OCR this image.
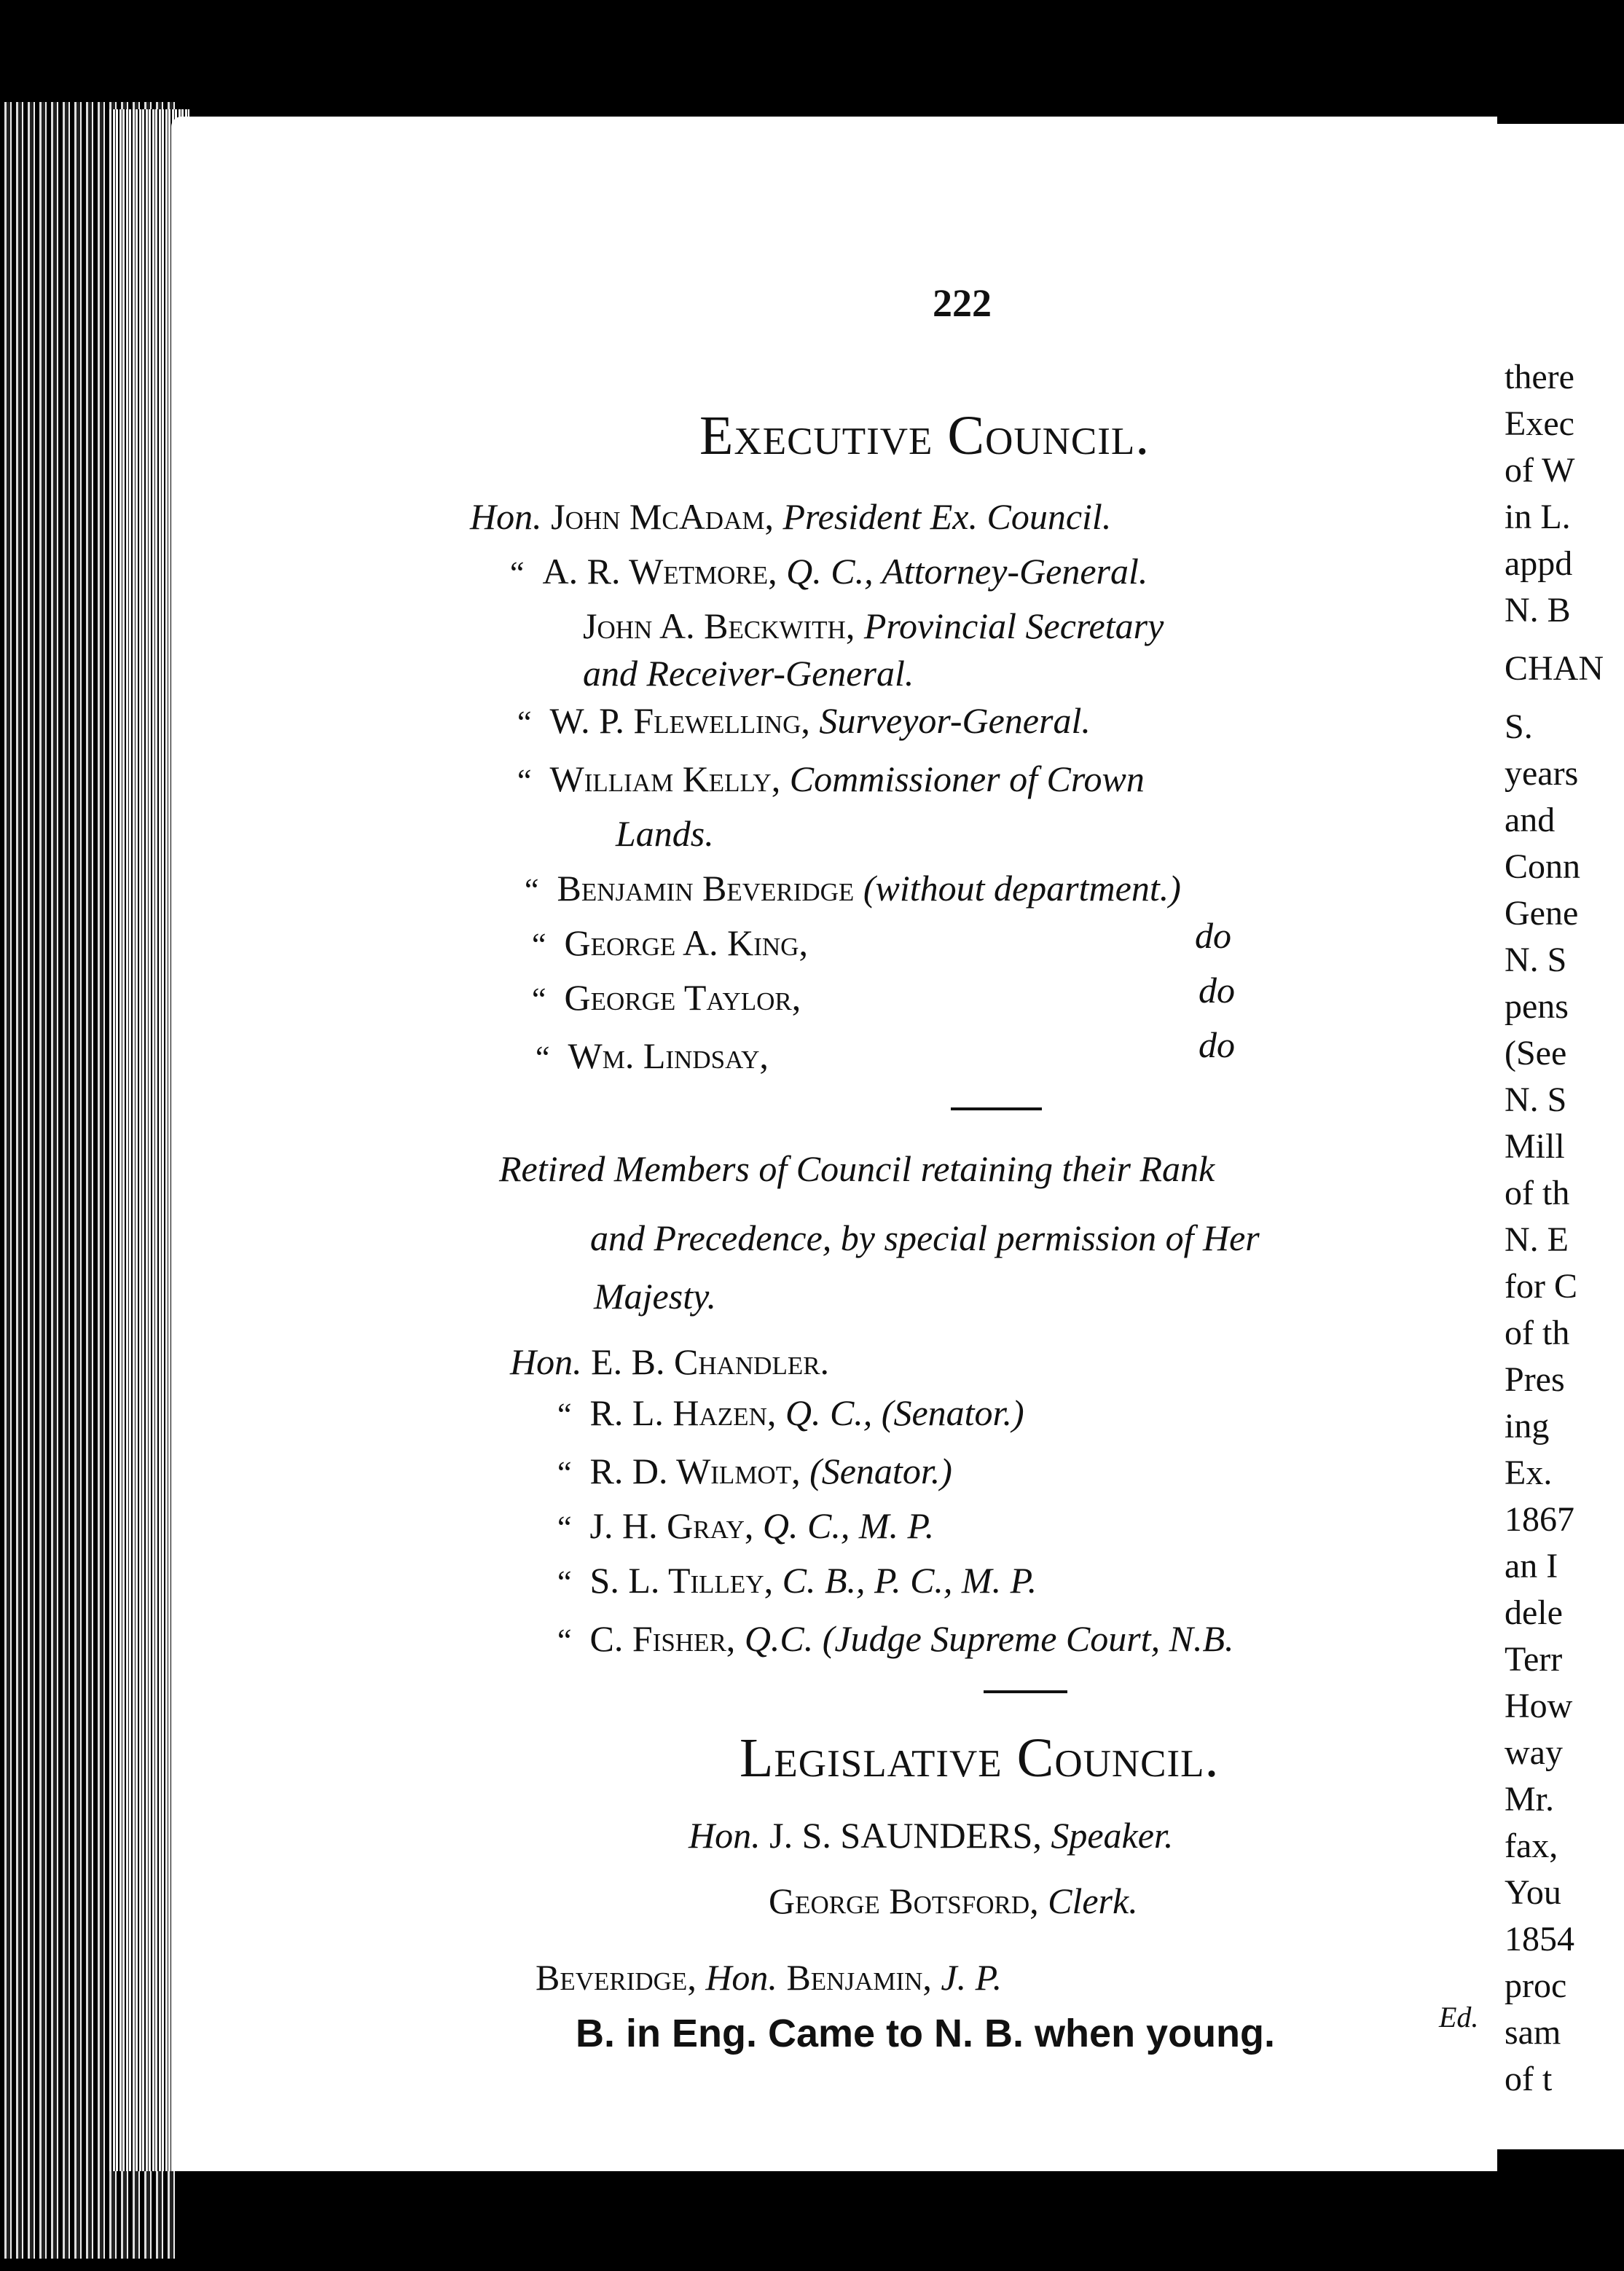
222
Executive Council.
Hon. John McAdam, President Ex. Council.
“ A. R. Wetmore, Q. C., Attorney-General.
John A. Beckwith, Provincial Secretary
and Receiver-General.
“ W. P. Flewelling, Surveyor-General.
“ William Kelly, Commissioner of Crown
Lands.
“ Benjamin Beveridge (without department.)
“ George A. King,	do
“ George Taylor,	do
“ Wm. Lindsay,	do
Retired Members of Council retaining their Rank
and Precedence, by special permission of Her
Majesty.
Hon. E. B. Chandler.
“ R. L. Hazen, Q. C., (Senator.)
“ R. D. Wilmot, (Senator.)
“ J. H. Gray, Q. C., M. P.
“ S. L. Tilley, C. B., P. C., M. P.
“ C. Fisher, Q.C. (Judge Supreme Court, N.B.
Legislative Council.
Hon. J. S. SAUNDERS, Speaker.
George Botsford, Clerk.
Beveridge, Hon. Benjamin, J. P.
B. in Eng. Came to N. B. when young.	Ed.
there
Exec
of W
in L.
appd
N. B
CHAN
S.
years
and
Conn
Gene
N. S
pens
(See
N. S
Mill
of th
N. E
for C
of th
Pres
ing
Ex.
1867
an I
dele
Terr
How
way
Mr.
fax,
You
1854
proc
sam
of t
